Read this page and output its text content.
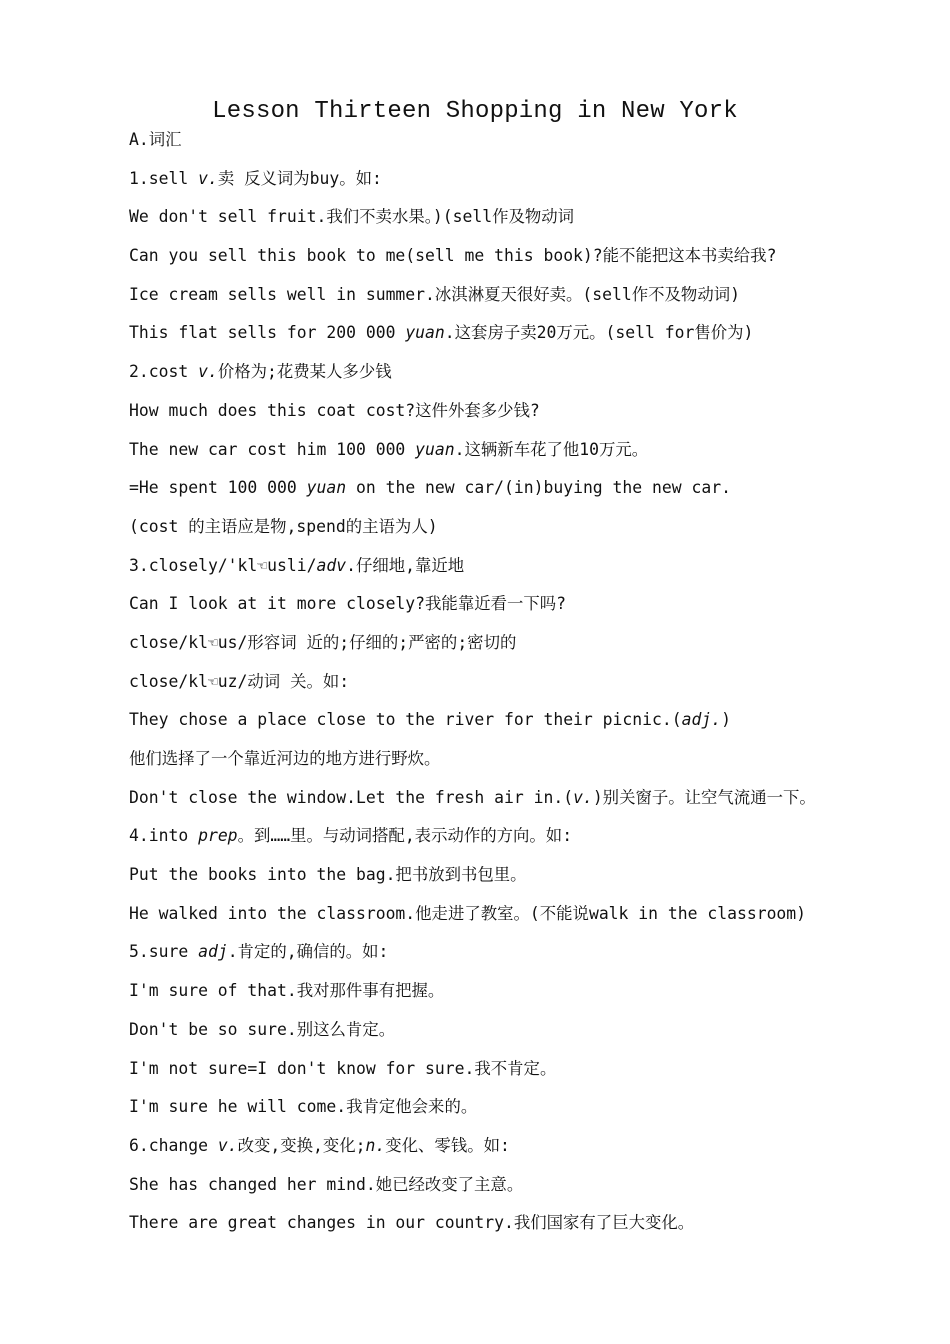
Lesson Thirteen Shopping in New York
A.词汇
1.sell v.卖 反义词为buy。如:
We don't sell fruit.我们不卖水果。)(sell作及物动词
Can you sell this book to me(sell me this book)?能不能把这本书卖给我?
Ice cream sells well in summer.冰淇淋夏天很好卖。(sell作不及物动词)
This flat sells for 200 000 yuan.这套房子卖20万元。(sell for售价为)
2.cost v.价格为;花费某人多少钱
How much does this coat cost?这件外套多少钱?
The new car cost him 100 000 yuan.这辆新车花了他10万元。
=He spent 100 000 yuan on the new car/(in)buying the new car.
(cost 的主语应是物,spend的主语为人)
3.closely/'kl☜usli/adv.仔细地,靠近地
Can I look at it more closely?我能靠近看一下吗?
close/kl☜us/形容词 近的;仔细的;严密的;密切的
close/kl☜uz/动词 关。如:
They chose a place close to the river for their picnic.(adj.)
他们选择了一个靠近河边的地方进行野炊。
Don't close the window.Let the fresh air in.(v.)别关窗子。让空气流通一下。
4.into prep。到……里。与动词搭配,表示动作的方向。如:
Put the books into the bag.把书放到书包里。
He walked into the classroom.他走进了教室。(不能说walk in the classroom)
5.sure adj.肯定的,确信的。如:
I'm sure of that.我对那件事有把握。
Don't be so sure.别这么肯定。
I'm not sure=I don't know for sure.我不肯定。
I'm sure he will come.我肯定他会来的。
6.change v.改变,变换,变化;n.变化、零钱。如:
She has changed her mind.她已经改变了主意。
There are great changes in our country.我们国家有了巨大变化。
